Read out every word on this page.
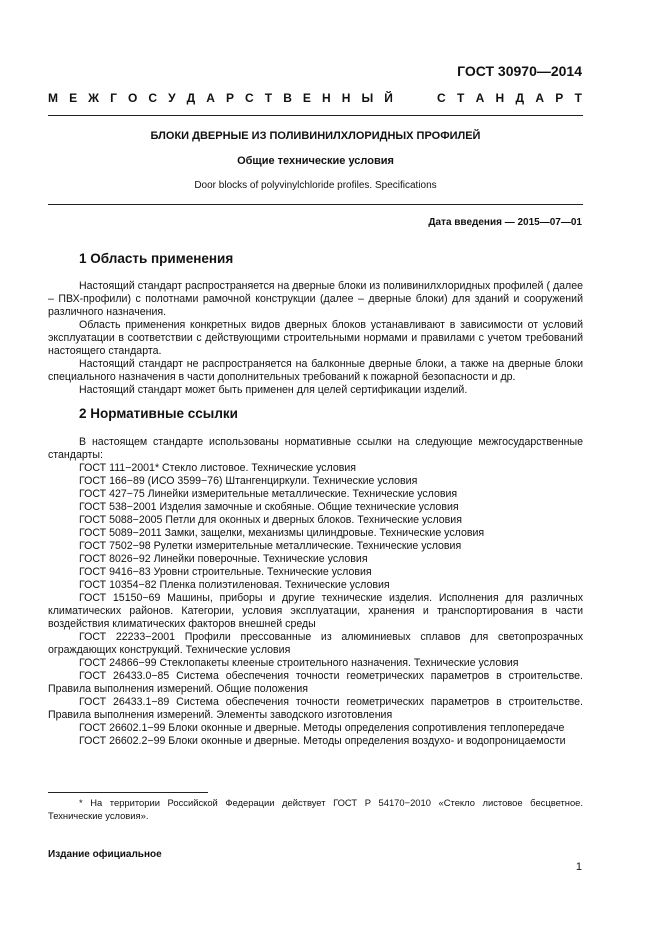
ГОСТ 30970—2014
М Е Ж Г О С У Д А Р С Т В Е Н Н Ы Й	С Т А Н Д А Р Т
БЛОКИ ДВЕРНЫЕ ИЗ ПОЛИВИНИЛХЛОРИДНЫХ ПРОФИЛЕЙ
Общие технические условия
Door blocks of polyvinylchloride profiles. Specifications
Дата введения — 2015—07—01
1 Область применения

Настоящий стандарт распространяется на дверные блоки из поливинилхлоридных профилей ( далее – ПВХ-профили) с полотнами рамочной конструкции (далее – дверные блоки) для зданий и сооружений различного назначения.

Область применения конкретных видов дверных блоков устанавливают в зависимости от условий эксплуатации в соответствии с действующими строительными нормами и правилами с учетом требований настоящего стандарта.

Настоящий стандарт не распространяется на балконные дверные блоки, а также на дверные блоки специального назначения в части дополнительных требований к пожарной безопасности и др.

Настоящий стандарт может быть применен для целей сертификации изделий.

2 Нормативные ссылки

В настоящем стандарте использованы нормативные ссылки на следующие межгосударственные стандарты:

ГОСТ 111−2001* Стекло листовое. Технические условия

ГОСТ 166−89 (ИСО 3599−76) Штангенциркули. Технические условия

ГОСТ 427−75 Линейки измерительные металлические. Технические условия

ГОСТ 538−2001 Изделия замочные и скобяные. Общие технические условия

ГОСТ 5088−2005 Петли для оконных и дверных блоков. Технические условия

ГОСТ 5089−2011 Замки, защелки, механизмы цилиндровые. Технические условия

ГОСТ 7502−98 Рулетки измерительные металлические. Технические условия

ГОСТ 8026−92 Линейки поверочные. Технические условия

ГОСТ 9416−83 Уровни строительные. Технические условия

ГОСТ 10354−82 Пленка полиэтиленовая. Технические условия

ГОСТ 15150−69 Машины, приборы и другие технические изделия. Исполнения для различных климатических районов. Категории, условия эксплуатации, хранения и транспортирования в части воздействия климатических факторов внешней среды

ГОСТ 22233−2001 Профили прессованные из алюминиевых сплавов для светопрозрачных ограждающих конструкций. Технические условия

ГОСТ 24866−99 Стеклопакеты клееные строительного назначения. Технические условия

ГОСТ 26433.0−85 Система обеспечения точности геометрических параметров в строительстве. Правила выполнения измерений. Общие положения

ГОСТ 26433.1−89 Система обеспечения точности геометрических параметров в строительстве. Правила выполнения измерений. Элементы заводского изготовления

ГОСТ 26602.1−99 Блоки оконные и дверные. Методы определения сопротивления теплопередаче

ГОСТ 26602.2−99 Блоки оконные и дверные. Методы определения воздухо- и водопроницаемости

* На территории Российской Федерации действует ГОСТ Р 54170−2010 «Стекло листовое бесцветное. Технические условия».

Издание официальное
1
